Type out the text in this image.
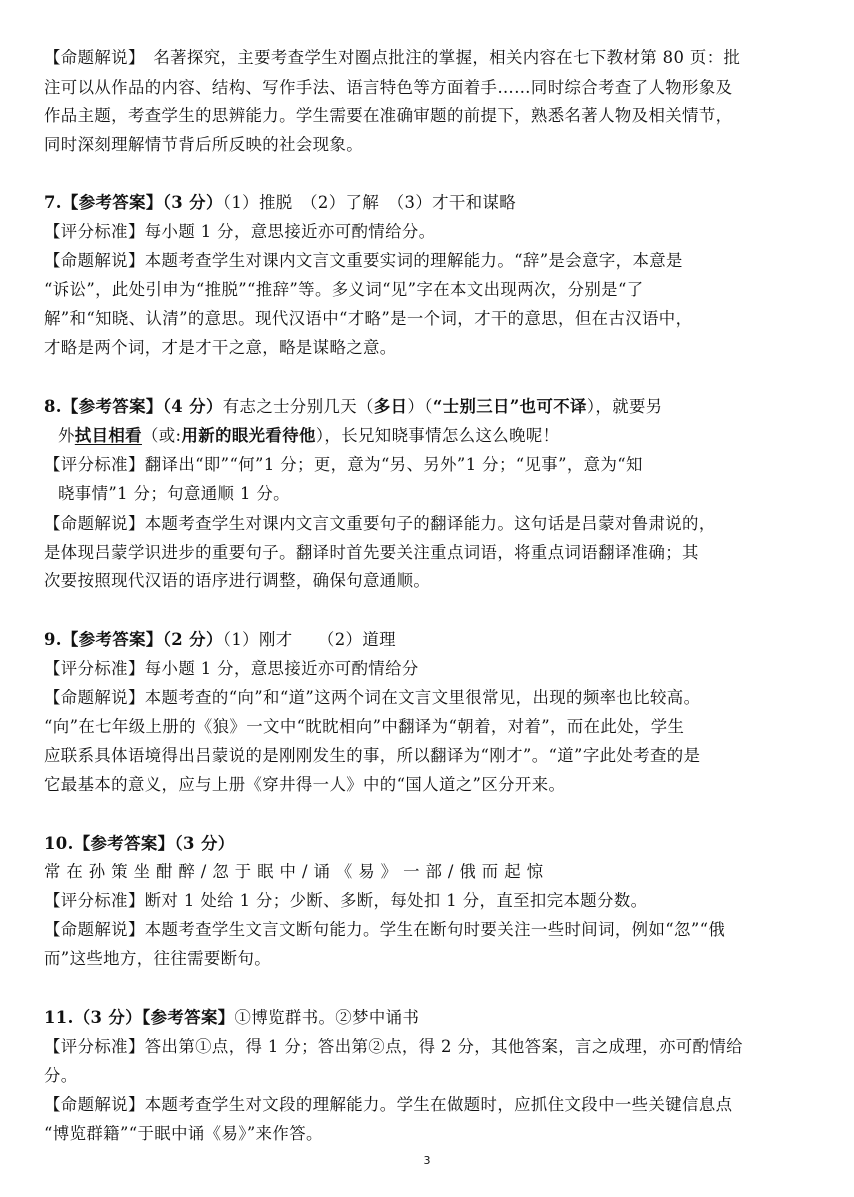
【命题解说】　名著探究，主要考查学生对圈点批注的掌握，相关内容在七下教材第 80 页：批
注可以从作品的内容、结构、写作手法、语言特色等方面着手……同时综合考查了人物形象及
作品主题，考查学生的思辨能力。学生需要在准确审题的前提下，熟悉名著人物及相关情节，
同时深刻理解情节背后所反映的社会现象。
7.【参考答案】（3 分）（1）推脱　（2）了解　（3）才干和谋略
【评分标准】每小题 1 分，意思接近亦可酌情给分。
【命题解说】本题考查学生对课内文言文重要实词的理解能力。“辞”是会意字，本意是
“诉讼”，此处引申为“推脱”“推辞”等。多义词“见”字在本文出现两次，分别是“了
解”和“知晓、认清”的意思。现代汉语中“才略”是一个词，才干的意思，但在古汉语中，
才略是两个词，才是才干之意，略是谋略之意。
8.【参考答案】（4 分）有志之士分别几天（多日）（“士别三日”也可不译），就要另
外拭目相看（或:用新的眼光看待他），长兄知晓事情怎么这么晚呢！
【评分标准】翻译出“即”“何”1 分；更，意为“另、另外”1 分；“见事”，意为“知
晓事情”1 分；句意通顺 1 分。
【命题解说】本题考查学生对课内文言文重要句子的翻译能力。这句话是吕蒙对鲁肃说的，
是体现吕蒙学识进步的重要句子。翻译时首先要关注重点词语，将重点词语翻译准确；其
次要按照现代汉语的语序进行调整，确保句意通顺。
9.【参考答案】（2 分）（1）刚才　　（2）道理
【评分标准】每小题 1 分，意思接近亦可酌情给分
【命题解说】本题考查的“向”和“道”这两个词在文言文里很常见，出现的频率也比较高。
“向”在七年级上册的《狼》一文中“眈眈相向”中翻译为“朝着，对着”，而在此处，学生
应联系具体语境得出吕蒙说的是刚刚发生的事，所以翻译为“刚才”。“道”字此处考查的是
它最基本的意义，应与上册《穿井得一人》中的“国人道之”区分开来。
10.【参考答案】（3 分）
常 在 孙 策 坐 酣 醉 / 忽 于 眠 中 / 诵 《 易 》 一 部 / 俄 而 起 惊
【评分标准】断对 1 处给 1 分；少断、多断，每处扣 1 分，直至扣完本题分数。
【命题解说】本题考查学生文言文断句能力。学生在断句时要关注一些时间词，例如“忽”“俄
而”这些地方，往往需要断句。
11.（3 分）【参考答案】①博览群书。②梦中诵书
【评分标准】答出第①点，得 1 分；答出第②点，得 2 分，其他答案，言之成理，亦可酌情给
分。
【命题解说】本题考查学生对文段的理解能力。学生在做题时，应抓住文段中一些关键信息点
“博览群籍”“于眠中诵《易》”来作答。
3
